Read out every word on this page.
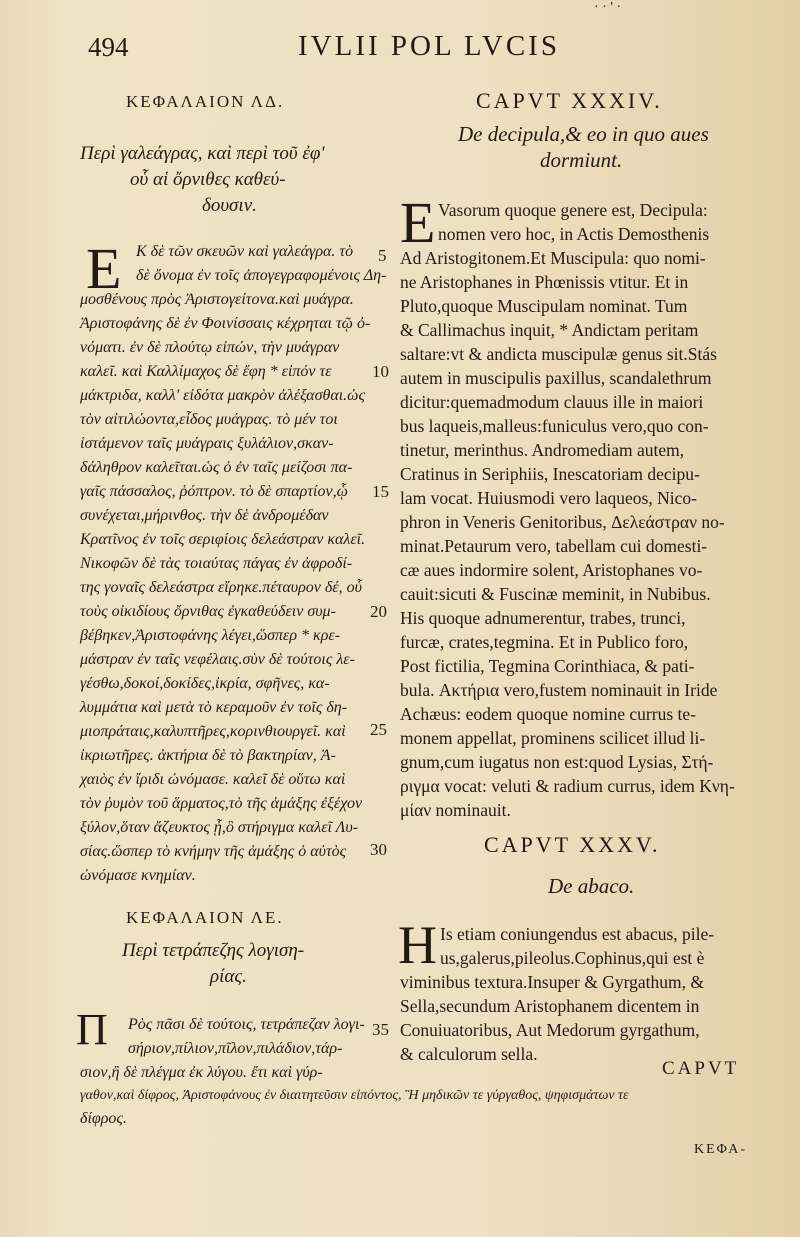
· · ' ·
494	IVLII POL LVCIS
ΚΕΦΑΛΑΙΟΝ ΛΔ.
Περὶ γαλεάγρας, καὶ περὶ τοῦ ἐφ'
οὗ αἱ ὄρνιθες καθεύ-
δουσιν.
E Κ δὲ τῶν σκευῶν καὶ γαλεάγρα. τὸ
δὲ ὄνομα ἐν τοῖς ἀπογεγραφομένοις Δη-
μοσθένους πρὸς Ἀριστογείτονα.καὶ μυάγρα.
Ἀριστοφάνης δὲ ἐν Φοινίσσαις κέχρηται τῷ ὀ-
νόματι. ἐν δὲ πλούτῳ εἰπών, τὴν μυάγραν
καλεῖ. καὶ Καλλίμαχος δὲ ἔφη * εἰπόν τε
μάκτριδα, καλλ' εἰδότα μακρὸν ἀλέξασθαι.ὡς
τὸν αἰτιλώοντα,εἶδος μυάγρας. τὸ μέν τοι
ἱστάμενον ταῖς μυάγραις ξυλάλιον,σκαν-
δάληθρον καλεῖται.ὡς ὁ ἐν ταῖς μείζοσι πα-
γαῖς πάσσαλος, ῥόπτρον. τὸ δὲ σπαρτίον,ᾧ
συνέχεται,μήρινθος. τὴν δὲ ἀνδρομέδαν
Κρατῖνος ἐν τοῖς σεριφίοις δελεάστραν καλεῖ.
Νικοφῶν δὲ τὰς τοιαύτας πάγας ἐν ἀφροδί-
της γοναῖς δελεάστρα εἴρηκε.πέταυρον δέ, οὗ
τοὺς οἰκιδίους ὄρνιθας ἐγκαθεύδειν συμ-
βέβηκεν,Ἀριστοφάνης λέγει,ὥσπερ * κρε-
μάστραν ἐν ταῖς νεφέλαις.σὺν δὲ τούτοις λε-
γέσθω,δοκοί,δοκίδες,ἰκρία, σφῆνες, κα-
λυμμάτια καὶ μετὰ τὸ κεραμοῦν ἐν τοῖς δη-
μιοπράταις,καλυπτῆρες,κορινθιουργεῖ. καὶ
ἰκριωτῆρες. ἀκτήρια δὲ τὸ βακτηρίαν, Ἀ-
χαιὸς ἐν ἴριδι ὠνόμασε. καλεῖ δὲ οὕτω καὶ
τὸν ῥυμὸν τοῦ ἅρματος,τὸ τῆς ἁμάξης ἐξέχον
ξύλον,ὅταν ἄζευκτος ᾖ,ὃ στήριγμα καλεῖ Λυ-
σίας.ὥσπερ τὸ κνήμην τῆς ἁμάξης ὁ αὐτὸς
ὠνόμασε κνημίαν.
5
10
15
20
25
30
35
ΚΕΦΑΛΑΙΟΝ ΛΕ.
Περὶ τετράπεζης λογιση-
ρίας.
Π Ρὸς πᾶσι δὲ τούτοις, τετράπεζαν λογι-
σήριον,πίλιον,πῖλον,πιλάδιον,τάρ-
σιον,ἢ δὲ πλέγμα ἐκ λύγου. ἔτι καὶ γύρ-
γαθον,καὶ δίφρος, Ἀριστοφάνους ἐν διαιτητεῦσιν εἰπόντος, Ἢ μηδικῶν τε γύργαθος, ψηφισμάτων τε
δίφρος.
CAPVT XXXIV.
De decipula,& eo in quo aues
dormiunt.
E Vasorum quoque genere est, Decipula:
nomen vero hoc, in Actis Demosthenis
Ad Aristogitonem.Et Muscipula: quo nomi-
ne Aristophanes in Phœnissis vtitur. Et in
Pluto,quoque Muscipulam nominat. Tum
& Callimachus inquit, * Andictam peritam
saltare:vt & andicta muscipulæ genus sit.Stás
autem in muscipulis paxillus, scandalethrum
dicitur:quemadmodum clauus ille in maiori
bus laqueis,malleus:funiculus vero,quo con-
tinetur, merinthus. Andromediam autem,
Cratinus in Seriphiis, Inescatoriam decipu-
lam vocat. Huiusmodi vero laqueos, Nico-
phron in Veneris Genitoribus, Δελεάστραν no-
minat.Petaurum vero, tabellam cui domesti-
cæ aues indormire solent, Aristophanes vo-
cauit:sicuti & Fuscinæ meminit, in Nubibus.
His quoque adnumerentur, trabes, trunci,
furcæ, crates,tegmina. Et in Publico foro,
Post fictilia, Tegmina Corinthiaca, & pati-
bula. Ακτήρια vero,fustem nominauit in Iride
Achæus: eodem quoque nomine currus te-
monem appellat, prominens scilicet illud li-
gnum,cum iugatus non est:quod Lysias, Στή-
ριγμα vocat: veluti & radium currus, idem Κνη-
μίαν nominauit.
CAPVT XXXV.
De abaco.
H Is etiam coniungendus est abacus, pile-
us,galerus,pileolus.Cophinus,qui est è
viminibus textura.Insuper & Gyrgathum, &
Sella,secundum Aristophanem dicentem in
Conuiuatoribus, Aut Medorum gyrgathum,
& calculorum sella.
CAPVT
ΚΕΦΑ-
